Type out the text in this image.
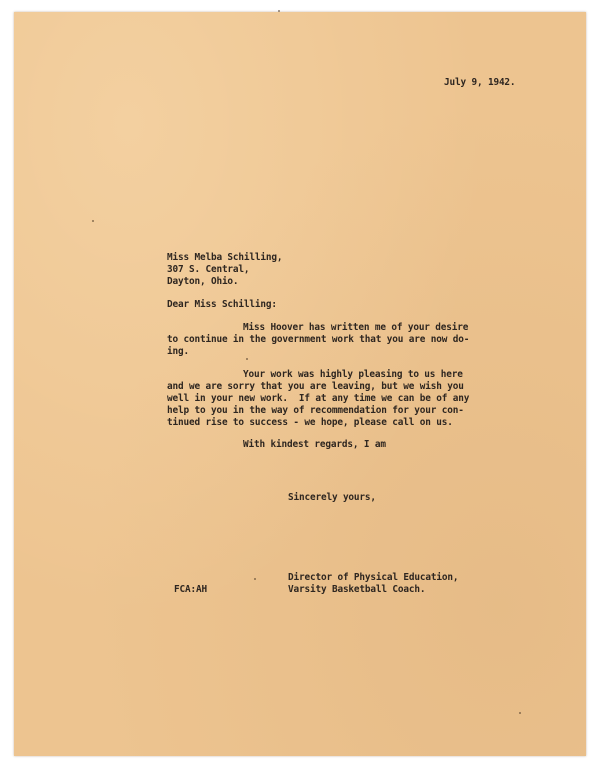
July 9, 1942.
Miss Melba Schilling,
307 S. Central,
Dayton, Ohio.
Dear Miss Schilling:
Miss Hoover has written me of your desire
to continue in the government work that you are now do-
ing.
Your work was highly pleasing to us here
and we are sorry that you are leaving, but we wish you
well in your new work.  If at any time we can be of any
help to you in the way of recommendation for your con-
tinued rise to success - we hope, please call on us.
With kindest regards, I am
Sincerely yours,
Director of Physical Education,
Varsity Basketball Coach.
FCA:AH
